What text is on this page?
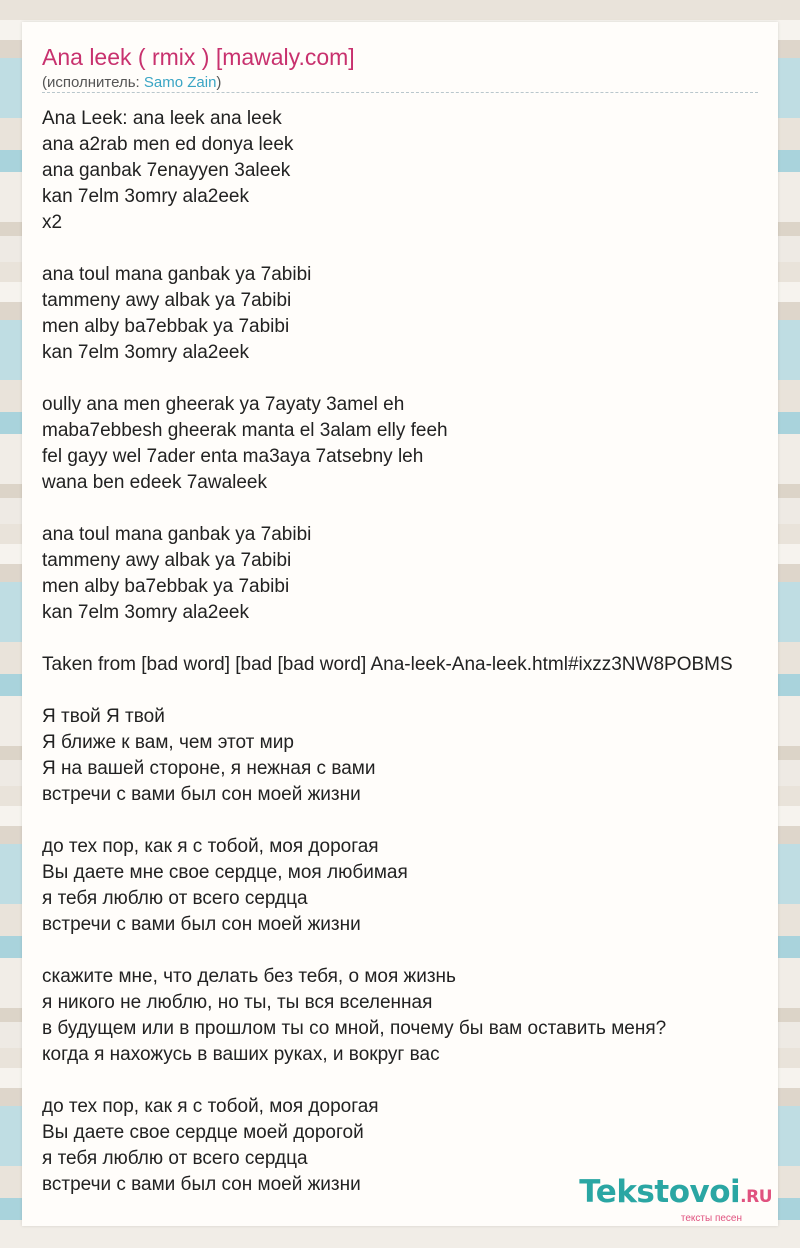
Ana leek ( rmix ) [mawaly.com]
(исполнитель: Samo Zain)
Ana Leek: ana leek ana leek
ana a2rab men ed donya leek
ana ganbak 7enayyen 3aleek
kan 7elm 3omry ala2eek
x2
ana toul mana ganbak ya 7abibi
tammeny awy albak ya 7abibi
men alby ba7ebbak ya 7abibi
kan 7elm 3omry ala2eek
oully ana men gheerak ya 7ayaty 3amel eh
maba7ebbesh gheerak manta el 3alam elly feeh
fel gayy wel 7ader enta ma3aya 7atsebny leh
wana ben edeek 7awaleek
ana toul mana ganbak ya 7abibi
tammeny awy albak ya 7abibi
men alby ba7ebbak ya 7abibi
kan 7elm 3omry ala2eek
Taken from [bad word] [bad [bad word] Ana-leek-Ana-leek.html#ixzz3NW8POBMS
Я твой Я твой
Я ближе к вам, чем этот мир
Я на вашей стороне, я нежная с вами
встречи с вами был сон моей жизни
до тех пор, как я с тобой, моя дорогая
Вы даете мне свое сердце, моя любимая
я тебя люблю от всего сердца
встречи с вами был сон моей жизни
скажите мне, что делать без тебя, о моя жизнь
я никого не люблю, но ты, ты вся вселенная
в будущем или в прошлом ты со мной, почему бы вам оставить меня?
когда я нахожусь в ваших руках, и вокруг вас
до тех пор, как я с тобой, моя дорогая
Вы даете свое сердце моей дорогой
я тебя люблю от всего сердца
встречи с вами был сон моей жизни	Tekstovoi.RU
тексты песен
